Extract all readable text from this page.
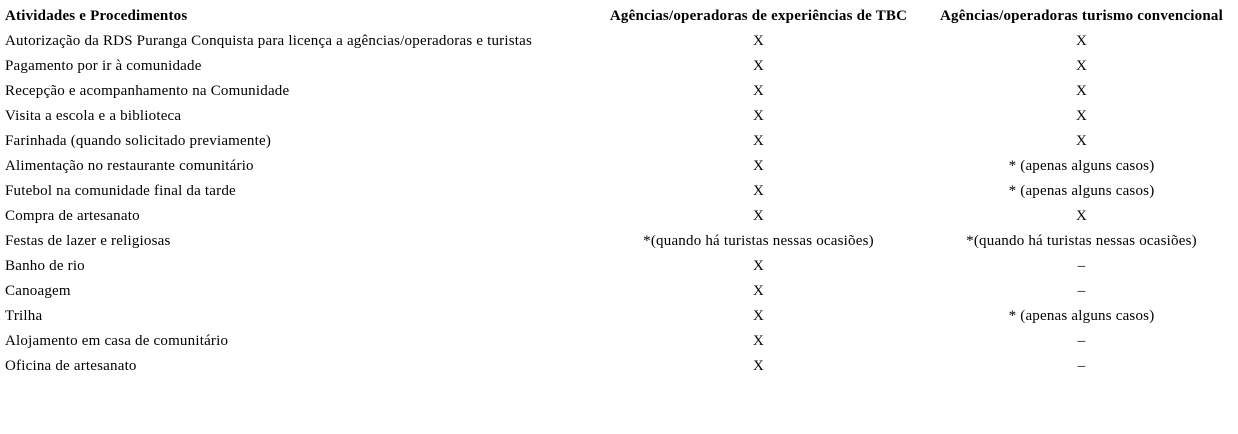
Atividades e Procedimentos	Agências/operadoras de experiências de TBC	Agências/operadoras turismo convencional
Autorização da RDS Puranga Conquista para licença a agências/operadoras e turistas	X	X
Pagamento por ir à comunidade	X	X
Recepção e acompanhamento na Comunidade	X	X
Visita a escola e a biblioteca	X	X
Farinhada (quando solicitado previamente)	X	X
Alimentação no restaurante comunitário	X	* (apenas alguns casos)
Futebol na comunidade final da tarde	X	* (apenas alguns casos)
Compra de artesanato	X	X
Festas de lazer e religiosas	*(quando há turistas nessas ocasiões)	*(quando há turistas nessas ocasiões)
Banho de rio	X	–
Canoagem	X	–
Trilha	X	* (apenas alguns casos)
Alojamento em casa de comunitário	X	–
Oficina de artesanato	X	–
